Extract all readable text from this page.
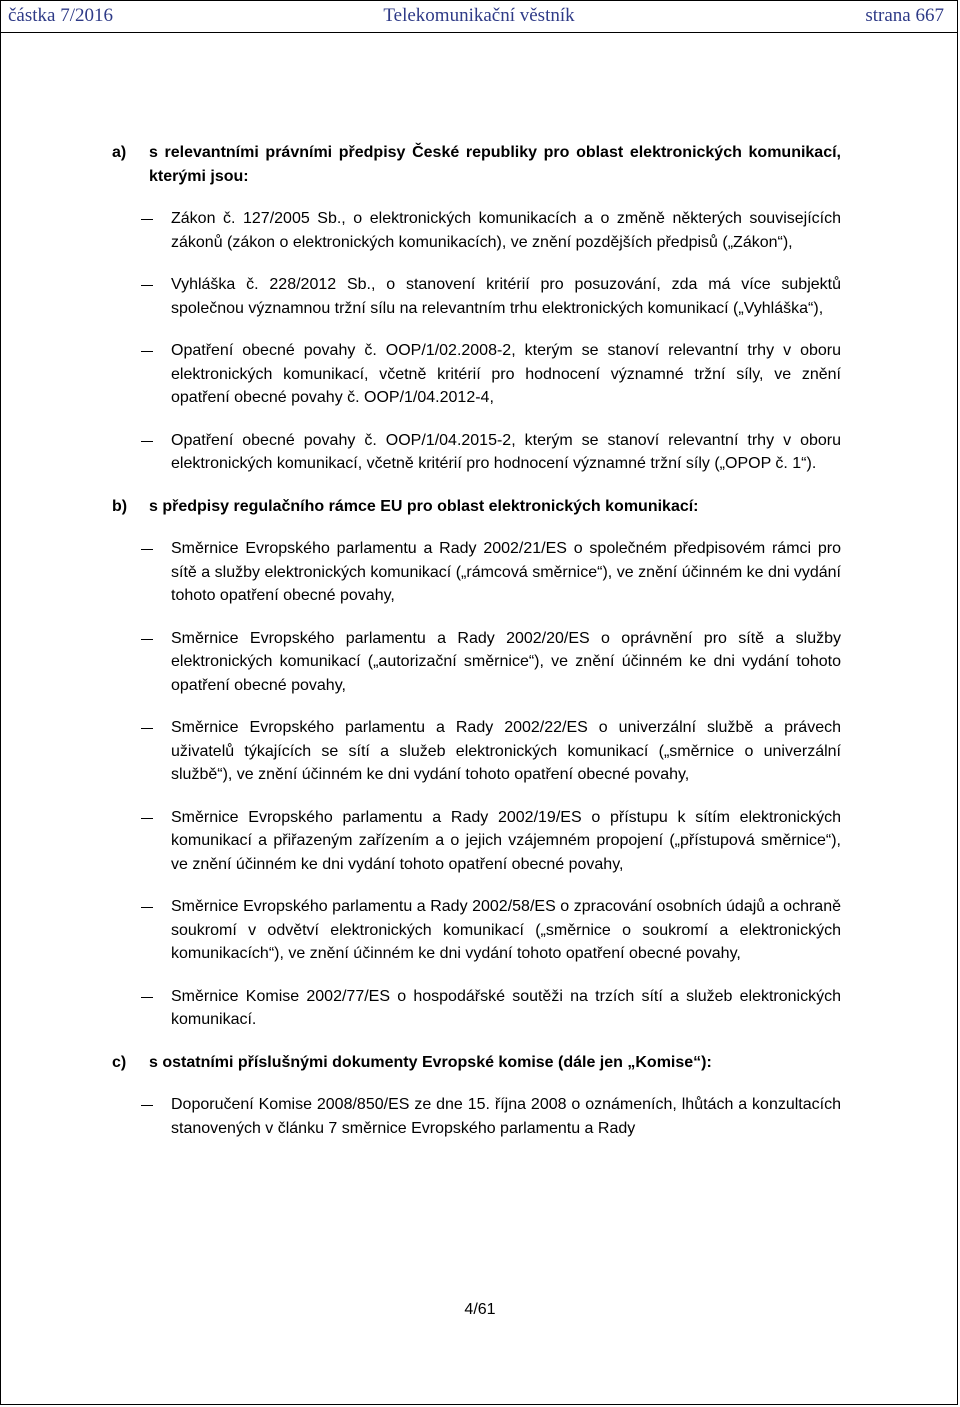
částka 7/2016	Telekomunikační věstník	strana 667
a) s relevantními právními předpisy České republiky pro oblast elektronických komunikací, kterými jsou:
Zákon č. 127/2005 Sb., o elektronických komunikacích a o změně některých souvisejících zákonů (zákon o elektronických komunikacích), ve znění pozdějších předpisů („Zákon“),
Vyhláška č. 228/2012 Sb., o stanovení kritérií pro posuzování, zda má více subjektů společnou významnou tržní sílu na relevantním trhu elektronických komunikací („Vyhláška“),
Opatření obecné povahy č. OOP/1/02.2008-2, kterým se stanoví relevantní trhy v oboru elektronických komunikací, včetně kritérií pro hodnocení významné tržní síly, ve znění opatření obecné povahy č. OOP/1/04.2012-4,
Opatření obecné povahy č. OOP/1/04.2015-2, kterým se stanoví relevantní trhy v oboru elektronických komunikací, včetně kritérií pro hodnocení významné tržní síly („OPOP č. 1“).
b) s předpisy regulačního rámce EU pro oblast elektronických komunikací:
Směrnice Evropského parlamentu a Rady 2002/21/ES o společném předpisovém rámci pro sítě a služby elektronických komunikací („rámcová směrnice“), ve znění účinném ke dni vydání tohoto opatření obecné povahy,
Směrnice Evropského parlamentu a Rady 2002/20/ES o oprávnění pro sítě a služby elektronických komunikací („autorizační směrnice“), ve znění účinném ke dni vydání tohoto opatření obecné povahy,
Směrnice Evropského parlamentu a Rady 2002/22/ES o univerzální službě a právech uživatelů týkajících se sítí a služeb elektronických komunikací („směrnice o univerzální službě“), ve znění účinném ke dni vydání tohoto opatření obecné povahy,
Směrnice Evropského parlamentu a Rady 2002/19/ES o přístupu k sítím elektronických komunikací a přiřazeným zařízením a o jejich vzájemném propojení („přístupová směrnice“), ve znění účinném ke dni vydání tohoto opatření obecné povahy,
Směrnice Evropského parlamentu a Rady 2002/58/ES o zpracování osobních údajů a ochraně soukromí v odvětví elektronických komunikací („směrnice o soukromí a elektronických komunikacích“), ve znění účinném ke dni vydání tohoto opatření obecné povahy,
Směrnice Komise 2002/77/ES o hospodářské soutěži na trzích sítí a služeb elektronických komunikací.
c) s ostatními příslušnými dokumenty Evropské komise (dále jen „Komise“):
Doporučení Komise 2008/850/ES ze dne 15. října 2008 o oznámeních, lhůtách a konzultacích stanovených v článku 7 směrnice Evropského parlamentu a Rady
4/61
